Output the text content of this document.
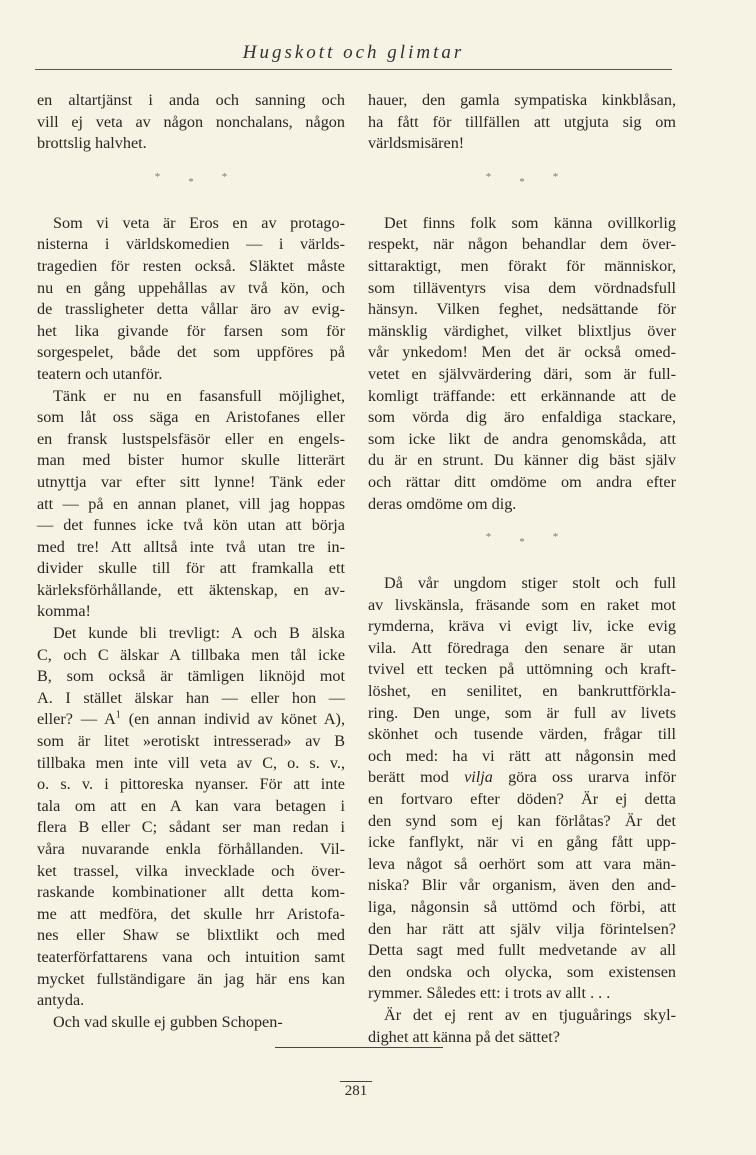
Hugskott och glimtar
en altartjänst i anda och sanning och
vill ej veta av någon nonchalans, någon
brottslig halvhet.
*	*	*
Som vi veta är Eros en av protago-
nisterna i världskomedien — i världs-
tragedien för resten också. Släktet måste
nu en gång uppehållas av två kön, och
de trassligheter detta vållar äro av evig-
het lika givande för farsen som för
sorgespelet, både det som uppföres på
teatern och utanför.
Tänk er nu en fasansfull möjlighet,
som låt oss säga en Aristofanes eller
en fransk lustspelsfäsör eller en engels-
man med bister humor skulle litterärt
utnyttja var efter sitt lynne! Tänk eder
att — på en annan planet, vill jag hoppas
— det funnes icke två kön utan att börja
med tre! Att alltså inte två utan tre in-
divider skulle till för att framkalla ett
kärleksförhållande, ett äktenskap, en av-
komma!
Det kunde bli trevligt: A och B älska
C, och C älskar A tillbaka men tål icke
B, som också är tämligen liknöjd mot
A. I stället älskar han — eller hon —
eller? — $A^1$ (en annan individ av könet A),
som är litet »erotiskt intresserad» av B
tillbaka men inte vill veta av C, o. s. v.,
o. s. v. i pittoreska nyanser. För att inte
tala om att en A kan vara betagen i
flera B eller C; sådant ser man redan i
våra nuvarande enkla förhållanden. Vil-
ket trassel, vilka invecklade och över-
raskande kombinationer allt detta kom-
me att medföra, det skulle hrr Aristofa-
nes eller Shaw se blixtlikt och med
teaterförfattarens vana och intuition samt
mycket fullständigare än jag här ens kan
antyda.
Och vad skulle ej gubben Schopen-
hauer, den gamla sympatiska kinkblåsan,
ha fått för tillfällen att utgjuta sig om
världsmisären!
*	*	*
Det finns folk som känna ovillkorlig
respekt, när någon behandlar dem över-
sittaraktigt, men förakt för människor,
som tilläventyrs visa dem vördnadsfull
hänsyn. Vilken feghet, nedsättande för
mänsklig värdighet, vilket blixtljus över
vår ynkedom! Men det är också omed-
vetet en självvärdering däri, som är full-
komligt träffande: ett erkännande att de
som vörda dig äro enfaldiga stackare,
som icke likt de andra genomskåda, att
du är en strunt. Du känner dig bäst själv
och rättar ditt omdöme om andra efter
deras omdöme om dig.
*	*	*
Då vår ungdom stiger stolt och full
av livskänsla, fräsande som en raket mot
rymderna, kräva vi evigt liv, icke evig
vila. Att föredraga den senare är utan
tvivel ett tecken på uttömning och kraft-
löshet, en senilitet, en bankruttförkla-
ring. Den unge, som är full av livets
skönhet och tusende värden, frågar till
och med: ha vi rätt att någonsin med
berätt mod vilja göra oss urarva inför
en fortvaro efter döden? Är ej detta
den synd som ej kan förlåtas? Är det
icke fanflykt, när vi en gång fått upp-
leva något så oerhört som att vara män-
niska? Blir vår organism, även den and-
liga, någonsin så uttömd och förbi, att
den har rätt att själv vilja förintelsen?
Detta sagt med fullt medvetande av all
den ondska och olycka, som existensen
rymmer. Således ett: i trots av allt . . .
Är det ej rent av en tjuguårings skyl-
dighet att känna på det sättet?
281
